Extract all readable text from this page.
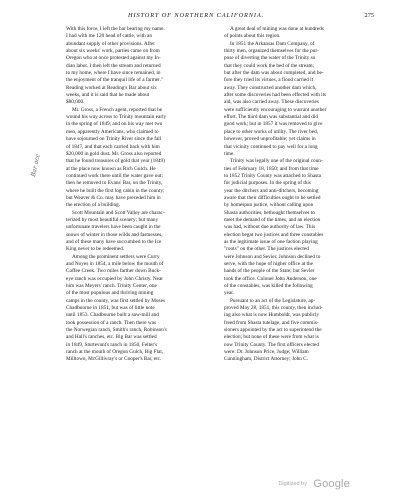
HISTORY OF NORTHERN CALIFORNIA.	275
Bar acc

With this force, I left the bar bearing my name.
I had with me 120 head of cattle, with an
abundant supply of other provisions. After
about six weeks' work, parties came on from
Oregon who at once protested against my In-
dian labor. I then left the stream and returned
to my home, where I have since remained, in
the enjoyment of the tranquil life of a farmer."
Reading worked at Reading's Bar about six
weeks, and it is said that he made about
$80,000.

Mr. Gross, a French agent, reported that he
wound his way across to Trinity mountain early
in the spring of 1849, and on his way met two
men, apparently Americans, who claimed to
have sojourned on Trinity River since the fall
of 1847, and that each carried back with him
$20,000 in gold dust. Mr. Gross also reported
that he found treasures of gold that year (1849)
at the place now known as Rich Gulch. He
continued work there until the water gave out;
then he removed to Evans' Bar, on the Trinity,
where he built the first log cabin in the county;
but Weaver & Co. may have preceded him in
the erection of a building.

Scott Mountain and Scott Valley are charac-
terized by most beautiful scenery; but many
unfortunate travelers have been caught in the
snows of winter in those wilds and fastnesses,
and of these many have succumbed to the Ice
King never to be redeemed.

Among the prominent settlers were Curry
and Noyes in 1854, a mile below the mouth of
Coffee Creek. Two miles farther down Buck-
eye ranch was occupied by John Christy. Near
him was Meyers' ranch. Trinity Center, one
of the most populous and thriving mining
camps in the county, was first settled by Moses
Chadbourne in 1851, but was of little note
until 1853. Chadbourne built a saw-mill and
took possession of a ranch. Then there was
the Norwegian ranch, Smith's ranch, Robinson's
and Hall's ranches, etc. Big Bar was settled
in 1849, Sturtevant's ranch in 1850, Felter's
ranch at the mouth of Oregon Gulch, Big Flat,
Milltown, McGillivray's or Cooper's Bar, etc.

A great deal of mining was done at hundreds
of points about this region.

In 1851 the Arkansas Dam Company, of
thirty men, organized themselves for the pur-
pose of diverting the water of the Trinity so
that they could work the bed of the stream;
but after the dam was about completed, and be-
fore they tried its virtues, a flood carried it
away. They constructed another dam which,
after some discoveries had been effected with its
aid, was also carried away. These discoveries
were sufficiently encouraging to warrant another
effort. The third dam was substantial and did
good work; but in 1857 it was removed to give
place to other works of utility. The river bed,
however, proved unprofitable; yet claims in
that vicinity continued to pay well for a long
time.

Trinity was legally one of the original coun-
ties of February 18, 1850; and from that time
to 1852 Trinity County was attached to Shasta
for judicial purposes. In the spring of this
year the ditchers and anti-ditchers, becoming
aware that their difficulties ought to be settled
by homespun justice, without calling upon
Shasta authorities, bethought themselves to
meet the demand of the times, and an election
was had, without due authority of law. This
election begat two justices and three constables
as the legitimate issue of one faction playing
"roots" on the other. The justices elected
were Johnson and Sevier. Johnson declined to
serve, with the hope of higher office at the
hands of the people of the State; but Sevier
took the office. Colonel John Anderson, one
of the constables, was killed the following
year.

Pursuant to an act of the Legislature, ap-
proved May 28, 1851, this county, then includ-
ing also what is now Humboldt, was publicly
freed from Shasta tutelage, and five commis-
sioners appointed by the act to superintend the
election; but none of these were from what is
now Trinity County. The first officers elected
were: Dr. Johnson Price, Judge; William
Cunningham, District Attorney; John C.

Digitized by Google
